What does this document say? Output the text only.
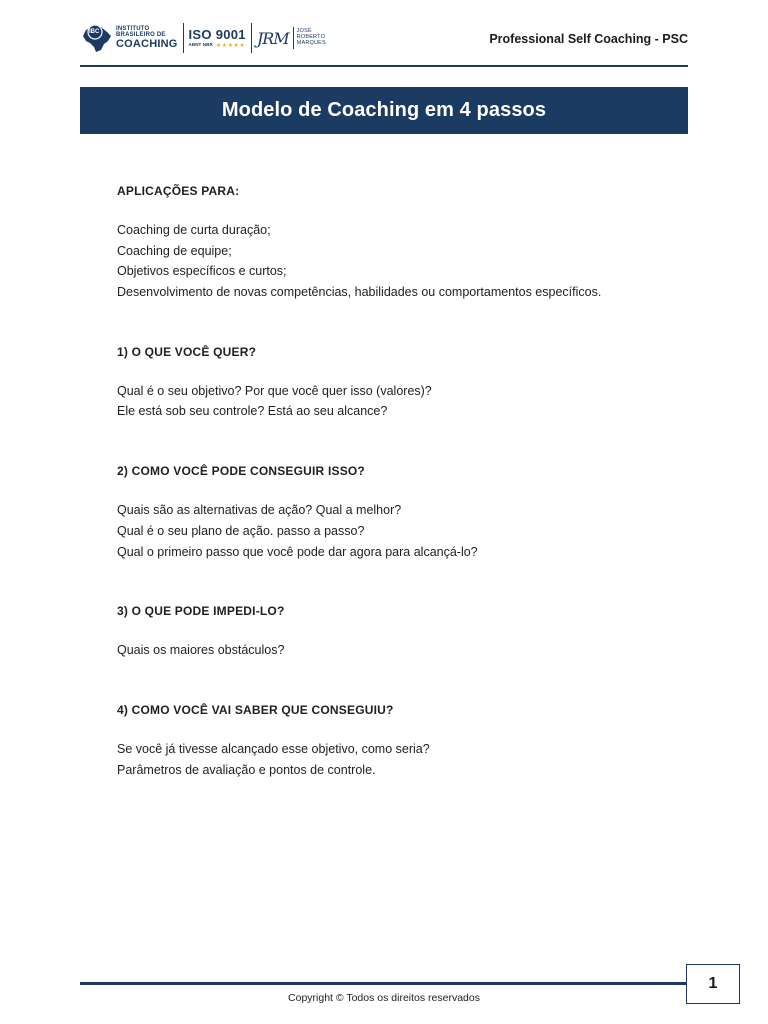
IBC	INSTITUTO
BRASILEIRO DE
COACHING
ISO 9001
ABNT NBR ★★★★★ JRM	JOSÉ
ROBERTO
MARQUES	Professional Self Coaching - PSC
Modelo de Coaching em 4 passos
APLICAÇÕES PARA:
Coaching de curta duração;
Coaching de equipe;
Objetivos específicos e curtos;
Desenvolvimento de novas competências, habilidades ou comportamentos específicos.
1) O QUE VOCÊ QUER?
Qual é o seu objetivo? Por que você quer isso (valores)?
Ele está sob seu controle? Está ao seu alcance?
2) COMO VOCÊ PODE CONSEGUIR ISSO?
Quais são as alternativas de ação? Qual a melhor?
Qual é o seu plano de ação. passo a passo?
Qual o primeiro passo que você pode dar agora para alcançá-lo?
3) O QUE PODE IMPEDI-LO?
Quais os maiores obstáculos?
4) COMO VOCÊ VAI SABER QUE CONSEGUIU?
Se você já tivesse alcançado esse objetivo, como seria?
Parâmetros de avaliação e pontos de controle.
1
Copyright © Todos os direitos reservados
